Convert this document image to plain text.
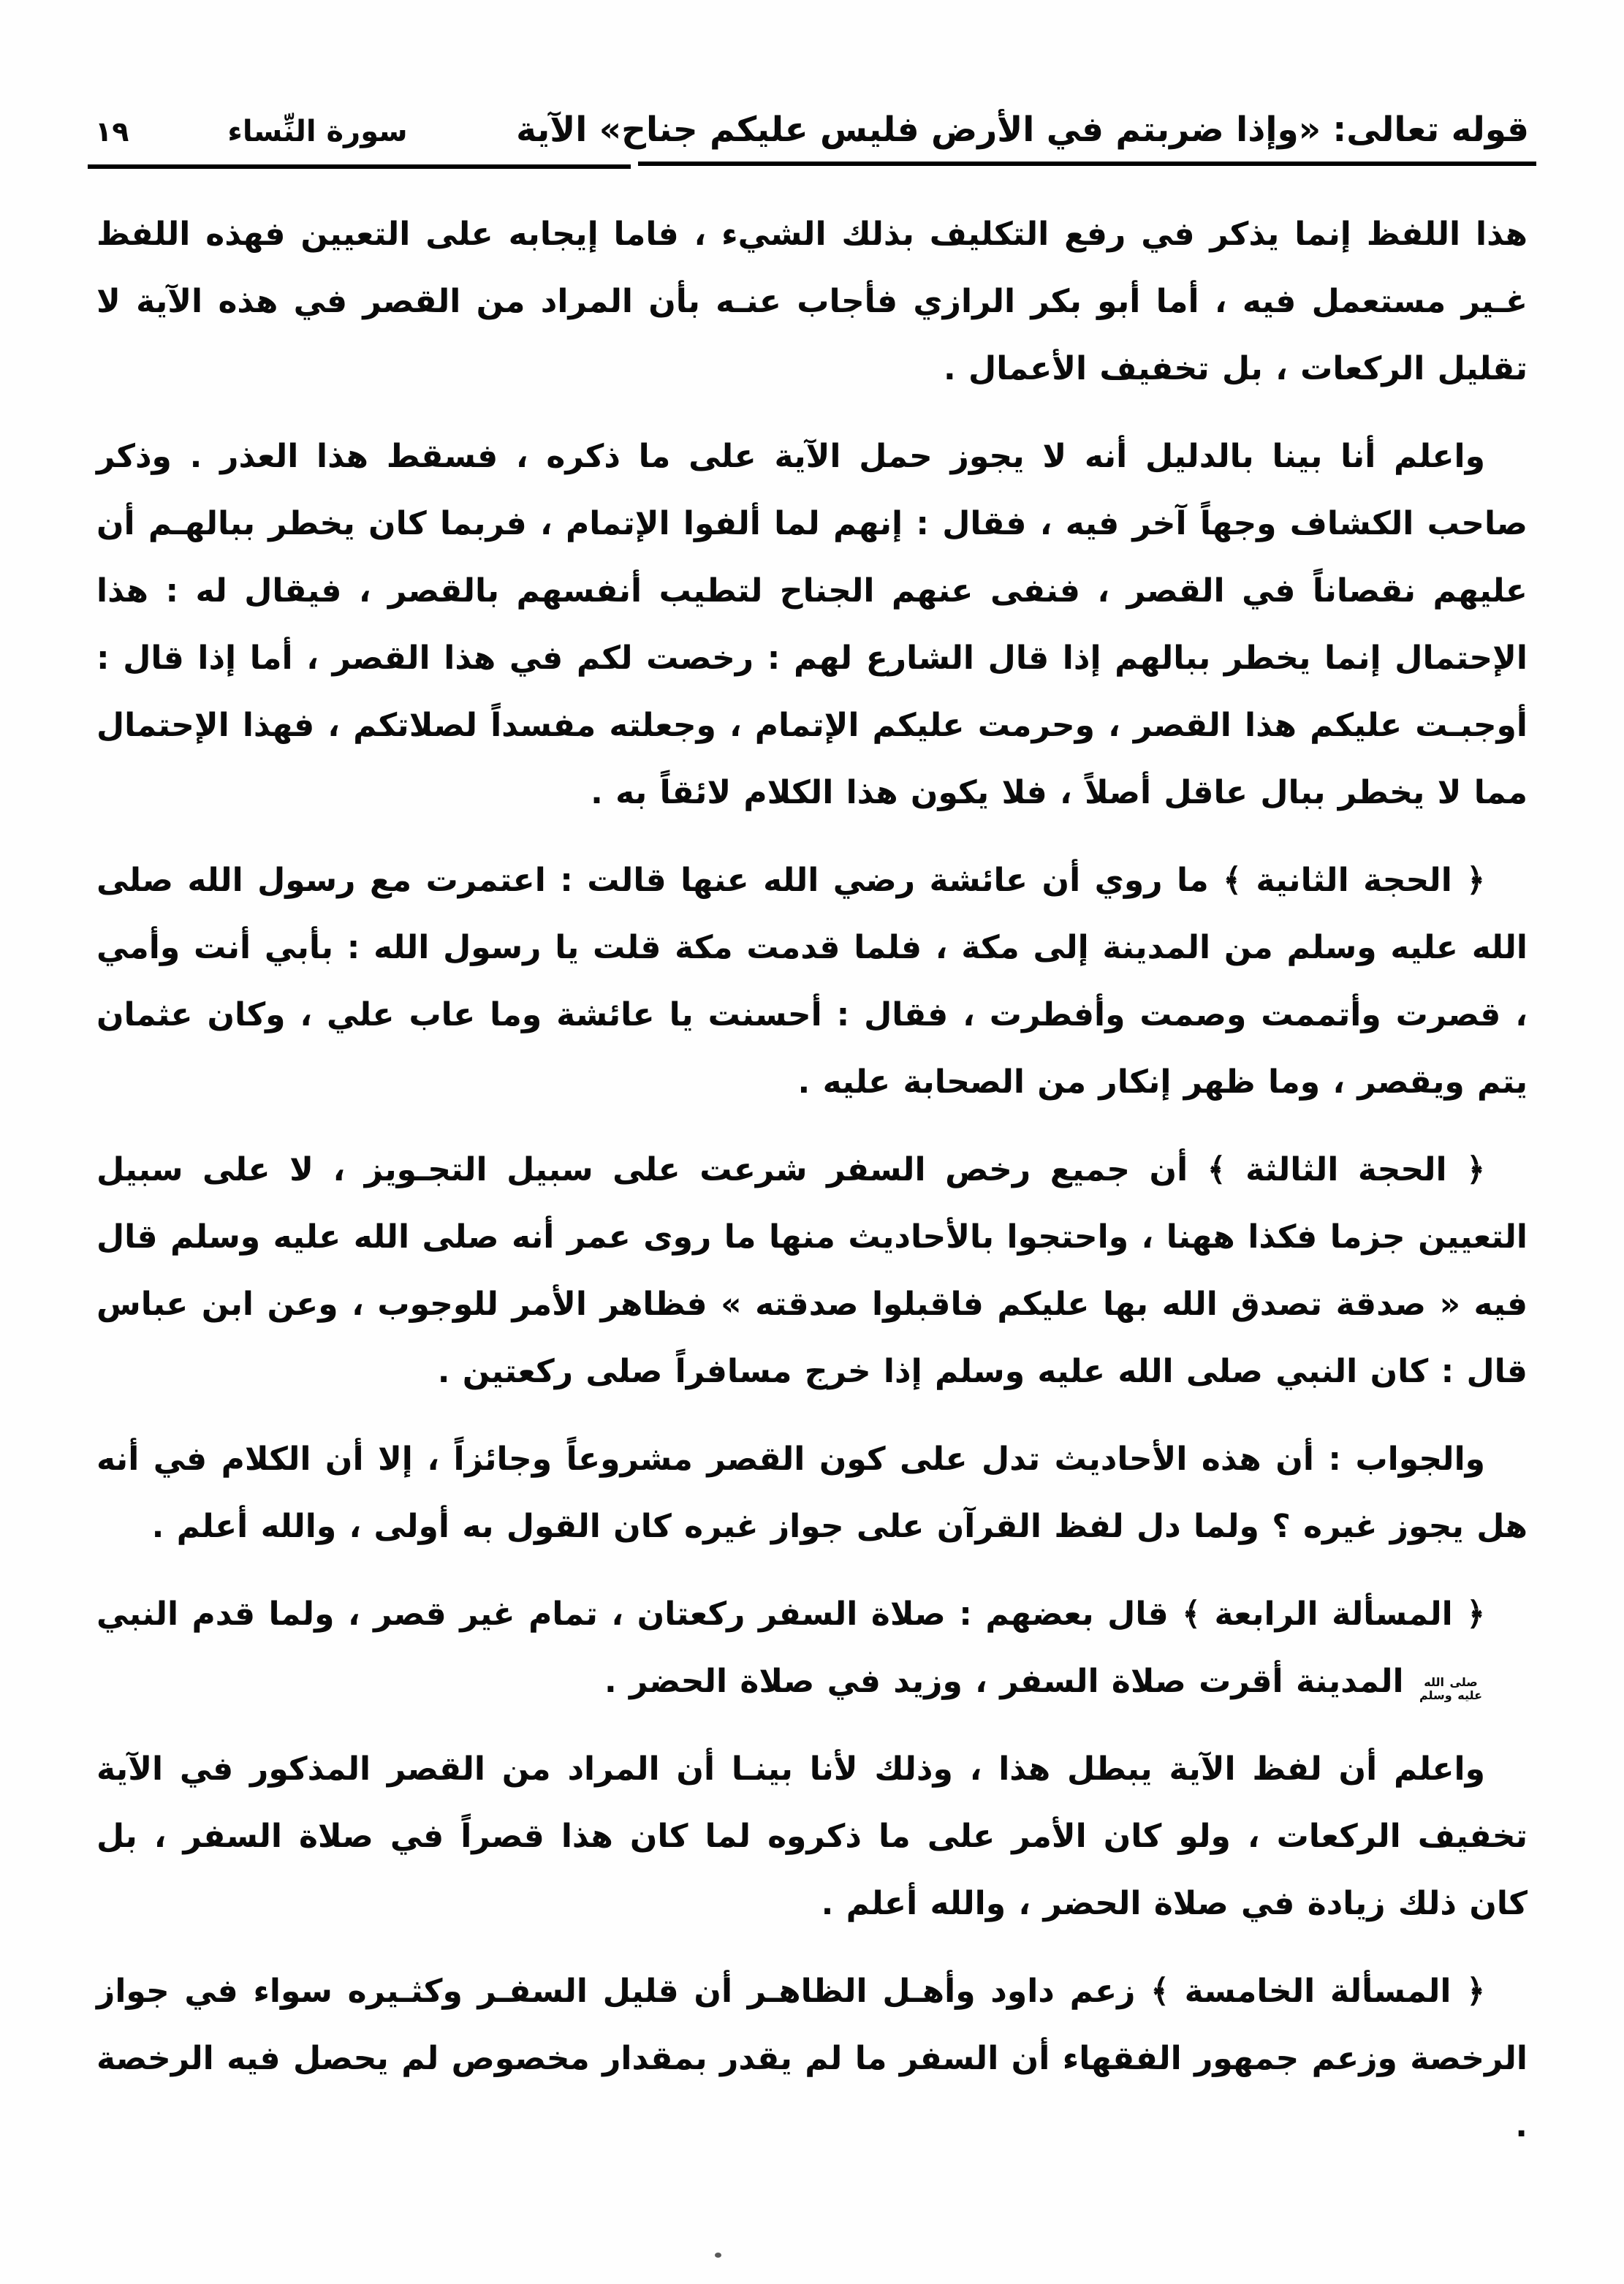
قوله تعالى: «وإذا ضربتم في الأرض فليس عليكم جناح» الآية
سورة النِّساء
١٩

هذا اللفظ إنما يذكر في رفع التكليف بذلك الشيء ، فاما إيجابه على التعيين فهذه اللفظ غـير مستعمل فيه ، أما أبو بكر الرازي فأجاب عنـه بأن المراد من القصر في هذه الآية لا تقليل الركعات ، بل تخفيف الأعمال .

واعلم أنا بينا بالدليل أنه لا يجوز حمل الآية على ما ذكره ، فسقط هذا العذر . وذكر صاحب الكشاف وجهاً آخر فيه ، فقال : إنهم لما ألفوا الإتمام ، فربما كان يخطر ببالهـم أن عليهم نقصاناً في القصر ، فنفى عنهم الجناح لتطيب أنفسهم بالقصر ، فيقال له : هذا الإحتمال إنما يخطر ببالهم إذا قال الشارع لهم : رخصت لكم في هذا القصر ، أما إذا قال : أوجبـت عليكم هذا القصر ، وحرمت عليكم الإتمام ، وجعلته مفسداً لصلاتكم ، فهذا الإحتمال مما لا يخطر ببال عاقل أصلاً ، فلا يكون هذا الكلام لائقاً به .

﴿ الحجة الثانية ﴾ ما روي أن عائشة رضي الله عنها قالت : اعتمرت مع رسول الله صلى الله عليه وسلم من المدينة إلى مكة ، فلما قدمت مكة قلت يا رسول الله : بأبي أنت وأمي ، قصرت وأتممت وصمت وأفطرت ، فقال : أحسنت يا عائشة وما عاب علي ، وكان عثمان يتم ويقصر ، وما ظهر إنكار من الصحابة عليه .

﴿ الحجة الثالثة ﴾ أن جميع رخص السفر شرعت على سبيل التجـويز ، لا على سبيل التعيين جزما فكذا ههنا ، واحتجوا بالأحاديث منها ما روى عمر أنه صلى الله عليه وسلم قال فيه « صدقة تصدق الله بها عليكم فاقبلوا صدقته » فظاهر الأمر للوجوب ، وعن ابن عباس قال : كان النبي صلى الله عليه وسلم إذا خرج مسافراً صلى ركعتين .

والجواب : أن هذه الأحاديث تدل على كون القصر مشروعاً وجائزاً ، إلا أن الكلام في أنه هل يجوز غيره ؟ ولما دل لفظ القرآن على جواز غيره كان القول به أولى ، والله أعلم .

﴿ المسألة الرابعة ﴾ قال بعضهم : صلاة السفر ركعتان ، تمام غير قصر ، ولما قدم النبي
صلى الله
عليه وسلم
المدينة أقرت صلاة السفر ، وزيد في صلاة الحضر .

واعلم أن لفظ الآية يبطل هذا ، وذلك لأنا بينـا أن المراد من القصر المذكور في الآية تخفيف الركعات ، ولو كان الأمر على ما ذكروه لما كان هذا قصراً في صلاة السفر ، بل كان ذلك زيادة في صلاة الحضر ، والله أعلم .

﴿ المسألة الخامسة ﴾ زعم داود وأهـل الظاهـر أن قليل السفـر وكثـيره سواء في جواز الرخصة وزعم جمهور الفقهاء أن السفر ما لم يقدر بمقدار مخصوص لم يحصل فيه الرخصة .
